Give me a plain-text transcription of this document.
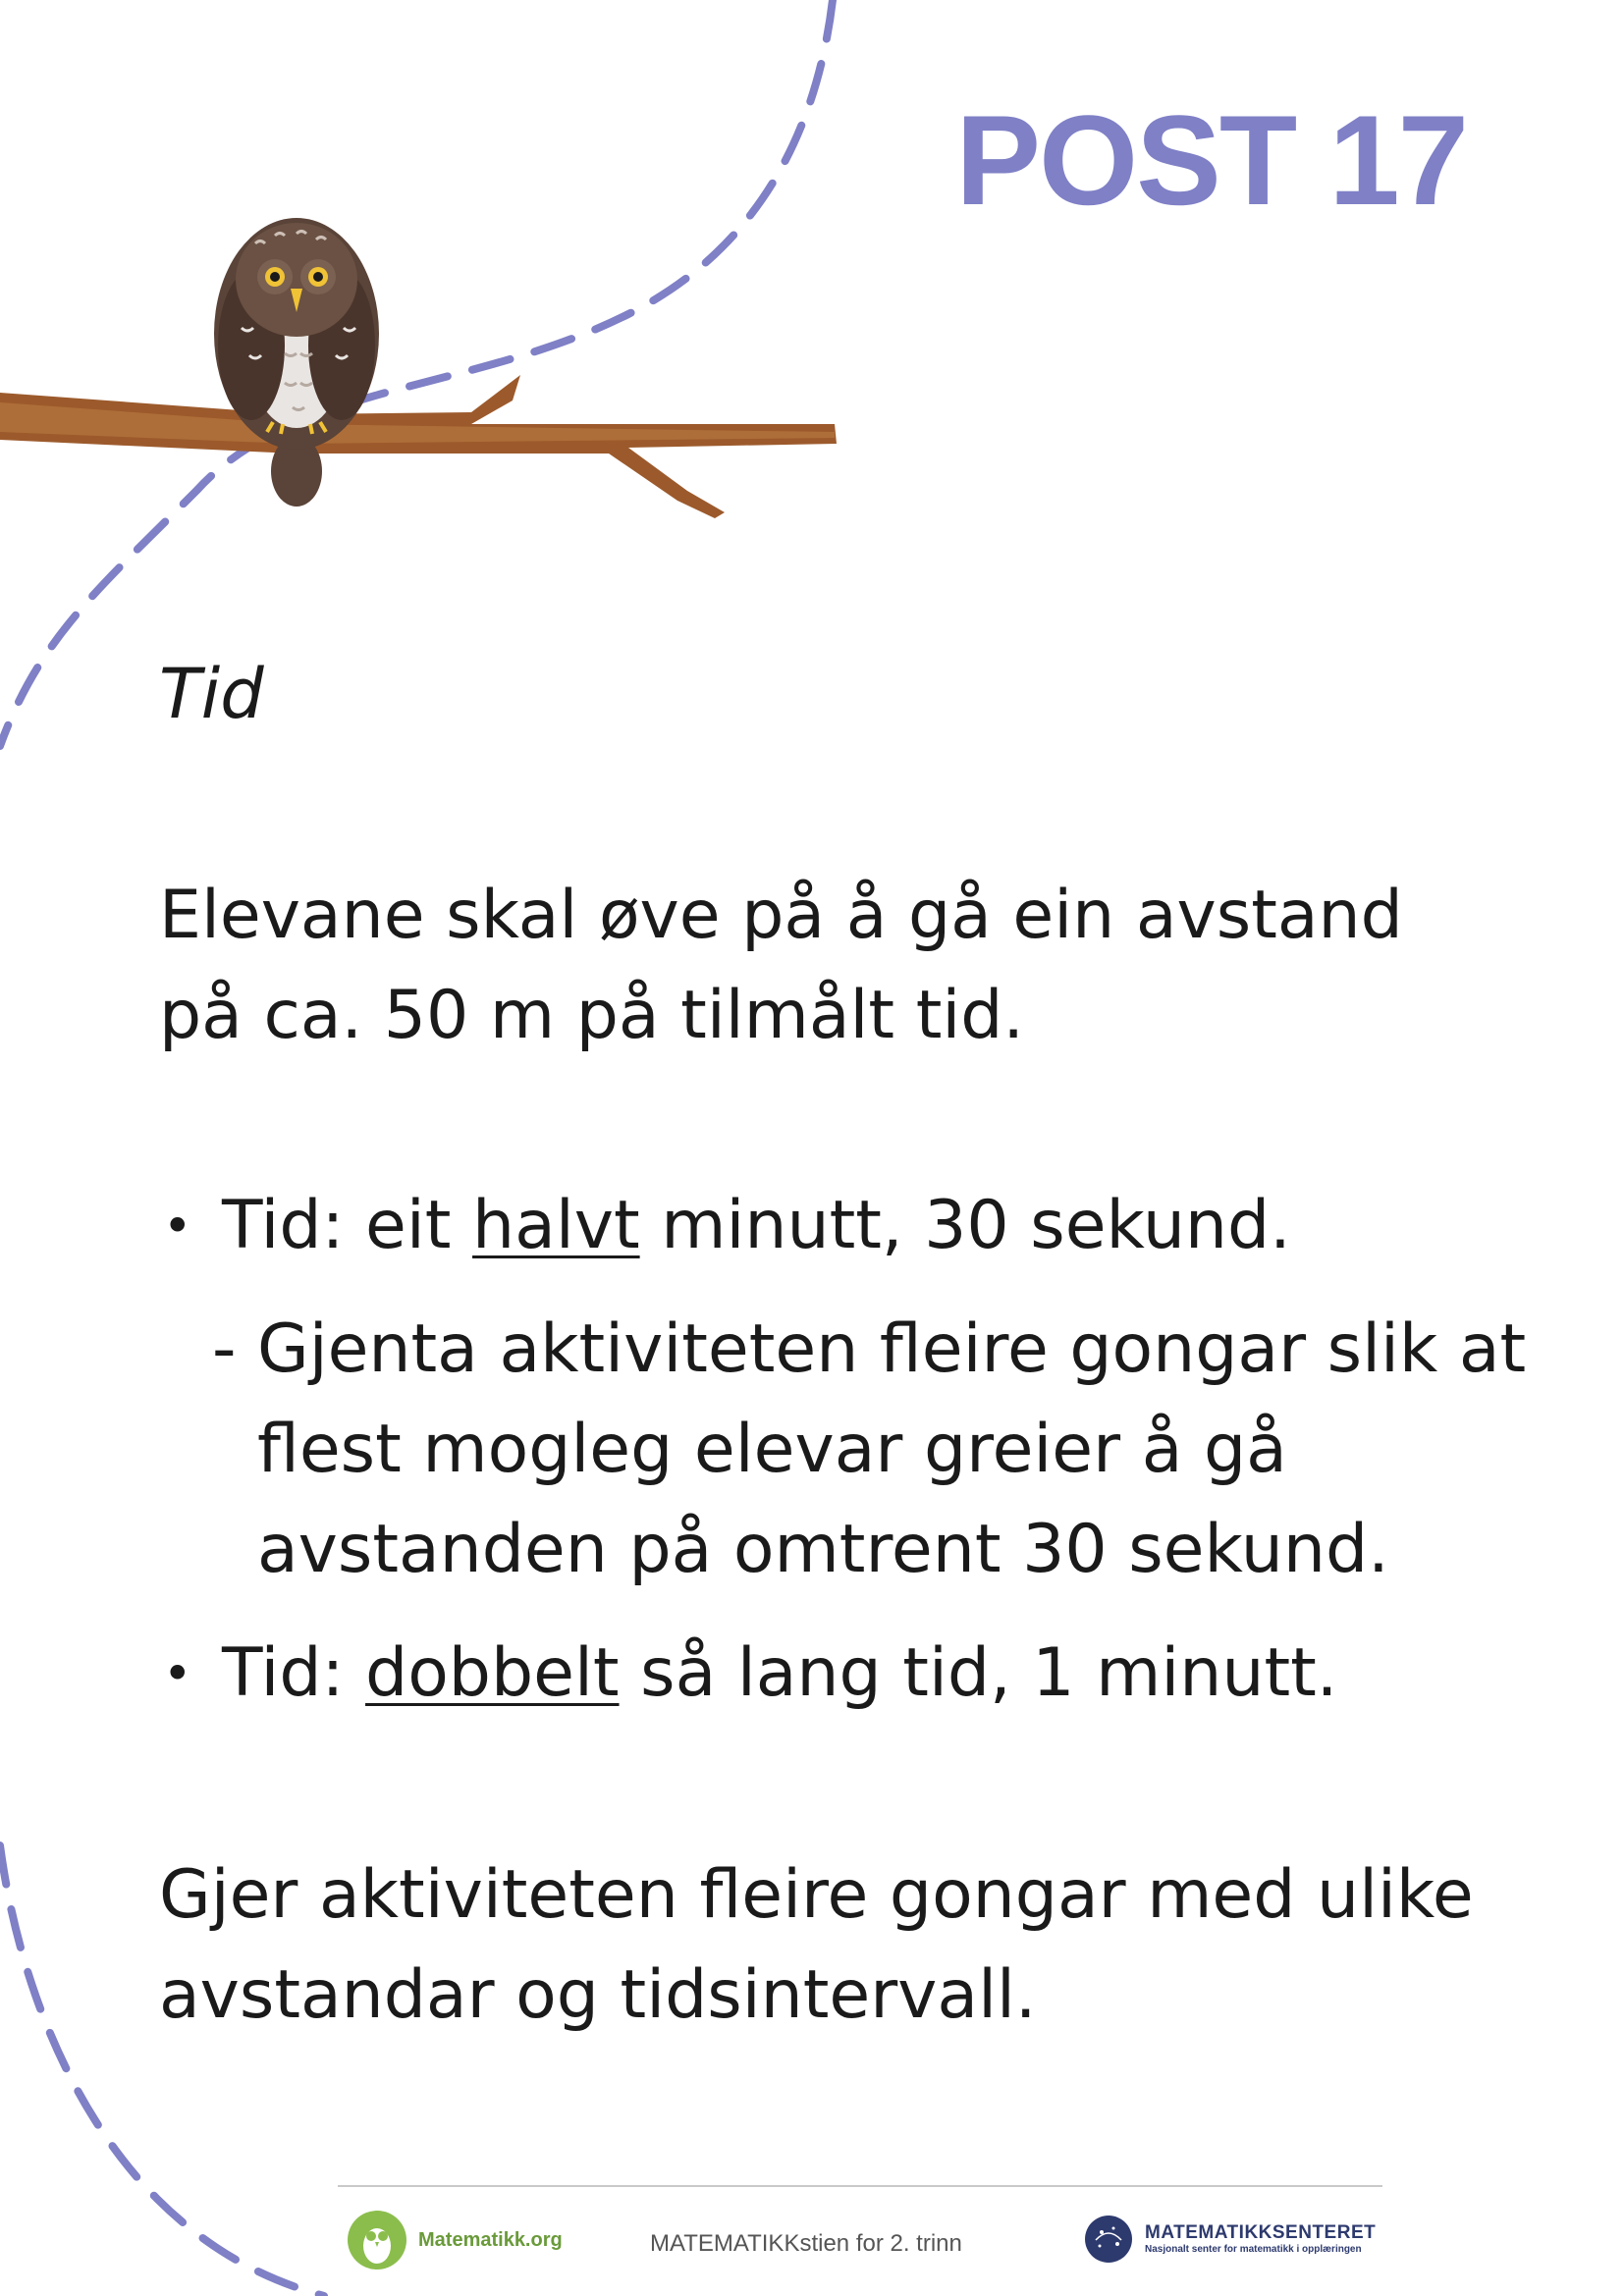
POST 17
Tid
Elevane skal øve på å gå ein avstand på ca. 50 m på tilmålt tid.
• Tid: eit halvt minutt, 30 sekund.
- Gjenta aktiviteten fleire gongar slik at flest mogleg elevar greier å gå avstanden på omtrent 30 sekund.
• Tid: dobbelt så lang tid, 1 minutt.
Gjer aktiviteten fleire gongar med ulike avstandar og tidsintervall.
Matematikk.org	MATEMATIKKstien for 2. trinn	MATEMATIKKSENTERET
Nasjonalt senter for matematikk i opplæringen
